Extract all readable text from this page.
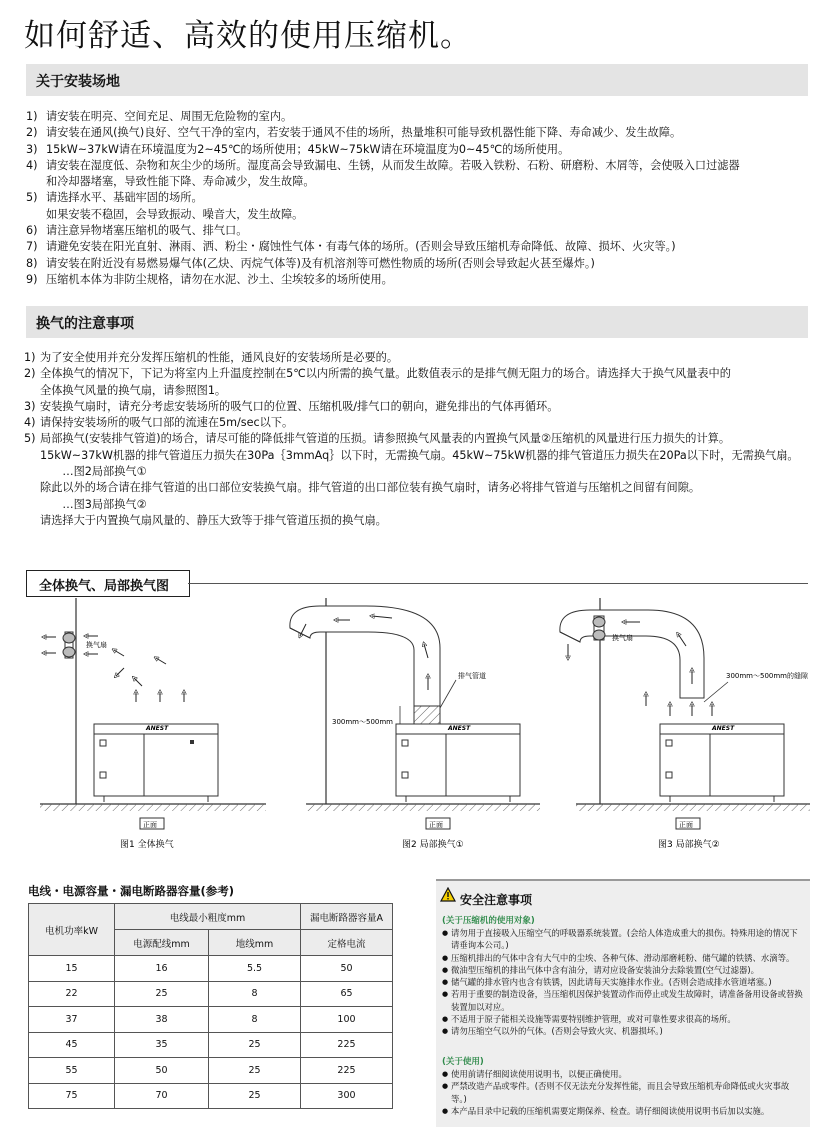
如何舒适、高效的使用压缩机。
关于安装场地
1) 请安装在明亮、空间充足、周围无危险物的室内。
2) 请安装在通风(换气)良好、空气干净的室内，若安装于通风不佳的场所，热量堆积可能导致机器性能下降、寿命减少、发生故障。
3) 15kW~37kW请在环境温度为2~45℃的场所使用；45kW~75kW请在环境温度为0~45℃的场所使用。
4) 请安装在湿度低、杂物和灰尘少的场所。湿度高会导致漏电、生锈，从而发生故障。若吸入铁粉、石粉、研磨粉、木屑等，会使吸入口过滤器
和冷却器堵塞，导致性能下降、寿命减少，发生故障。
5) 请选择水平、基础牢固的场所。
如果安装不稳固，会导致振动、噪音大，发生故障。
6) 请注意异物堵塞压缩机的吸气、排气口。
7) 请避免安装在阳光直射、淋雨、洒、粉尘・腐蚀性气体・有毒气体的场所。(否则会导致压缩机寿命降低、故障、损坏、火灾等。)
8) 请安装在附近没有易燃易爆气体(乙炔、丙烷气体等)及有机溶剂等可燃性物质的场所(否则会导致起火甚至爆炸。)
9) 压缩机本体为非防尘规格，请勿在水泥、沙土、尘埃较多的场所使用。
换气的注意事项
1) 为了安全使用并充分发挥压缩机的性能，通风良好的安装场所是必要的。
2) 全体换气的情况下，下记为将室内上升温度控制在5℃以内所需的换气量。此数值表示的是排气侧无阻力的场合。请选择大于换气风量表中的
全体换气风量的换气扇，请参照图1。
3) 安装换气扇时，请充分考虑安装场所的吸气口的位置、压缩机吸/排气口的朝向，避免排出的气体再循环。
4) 请保持安装场所的吸气口部的流速在5m/sec以下。
5) 局部换气(安装排气管道)的场合，请尽可能的降低排气管道的压损。请参照换气风量表的内置换气风量②压缩机的风量进行压力损失的计算。
15kW~37kW机器的排气管道压力损失在30Pa｛3mmAq｝以下时，无需换气扇。45kW~75kW机器的排气管道压力损失在20Pa以下时，无需换气扇。
　　…图2局部换气①
除此以外的场合请在排气管道的出口部位安装换气扇。排气管道的出口部位装有换气扇时，请务必将排气管道与压缩机之间留有间隙。
　　…图3局部换气②
请选择大于内置换气扇风量的、静压大致等于排气管道压损的换气扇。
全体换气、局部换气图
换气扇
ANEST
正面
图1 全体换气
排气管道
300mm～500mm
ANEST
正面
图2 局部换气①
换气扇
300mm～500mm的缝隙
ANEST
正面
图3 局部换气②
电线・电源容量・漏电断路器容量(参考)
电机功率kW	电线最小粗度mm		漏电断路器容量A
	电源配线mm	地线mm	定格电流
15	16	5.5	50
22	25	8	65
37	38	8	100
45	35	25	225
55	50	25	225
75	70	25	300
安全注意事项
(关于压缩机的使用对象)
● 请勿用于直接吸入压缩空气的呼吸器系统装置。(会给人体造成重大的损伤。特殊用途的情况下请垂询本公司。)
● 压缩机排出的气体中含有大气中的尘埃、各种气体、滑动部磨耗粉、储气罐的铁锈、水滴等。
● 微油型压缩机的排出气体中含有油分，请对应设备安装油分去除装置(空气过滤器)。
● 储气罐的排水管内也含有铁锈，因此请每天实施排水作业。(否则会造成排水管道堵塞。)
● 若用于重要的制造设备，当压缩机因保护装置动作而停止或发生故障时，请准备备用设备或替换装置加以对应。
● 不适用于原子能相关设施等需要特别维护管理，或对可靠性要求很高的场所。
● 请勿压缩空气以外的气体。(否则会导致火灾、机器损坏。)
(关于使用)
● 使用前请仔细阅读使用说明书，以便正确使用。
● 严禁改造产品或零件。(否则不仅无法充分发挥性能，而且会导致压缩机寿命降低或火灾事故等。)
● 本产品目录中记载的压缩机需要定期保养、检查。请仔细阅读使用说明书后加以实施。
